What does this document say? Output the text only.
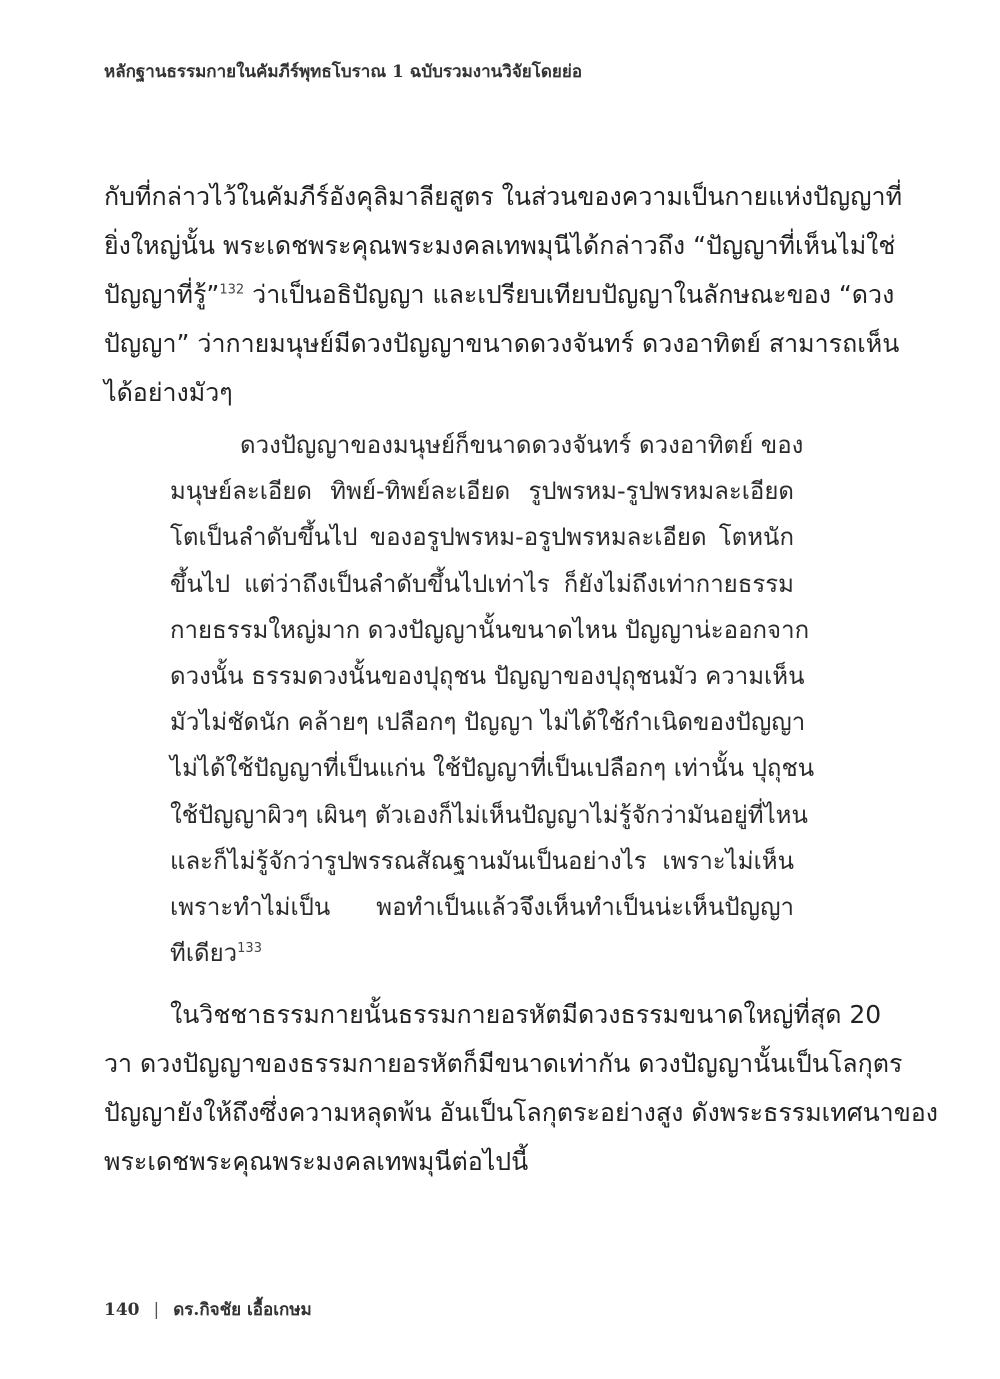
หลักฐานธรรมกายในคัมภีร์พุทธโบราณ 1 ฉบับรวมงานวิจัยโดยย่อ
กับที่กล่าวไว้ในคัมภีร์อังคุลิมาลียสูตร ในส่วนของความเป็นกายแห่งปัญญาที่
ยิ่งใหญ่นั้น พระเดชพระคุณพระมงคลเทพมุนีได้กล่าวถึง “ปัญญาที่เห็นไม่ใช่
ปัญญาที่รู้”$^{132}$ ว่าเป็นอธิปัญญา และเปรียบเทียบปัญญาในลักษณะของ “ดวง
ปัญญา” ว่ากายมนุษย์มีดวงปัญญาขนาดดวงจันทร์ ดวงอาทิตย์ สามารถเห็น
ได้อย่างมัวๆ
ดวงปัญญาของมนุษย์ก็ขนาดดวงจันทร์ ดวงอาทิตย์ ของ
มนุษย์ละเอียด ทิพย์-ทิพย์ละเอียด รูปพรหม-รูปพรหมละเอียด
โตเป็นลำดับขึ้นไป ของอรูปพรหม-อรูปพรหมละเอียด โตหนัก
ขึ้นไป แต่ว่าถึงเป็นลำดับขึ้นไปเท่าไร ก็ยังไม่ถึงเท่ากายธรรม
กายธรรมใหญ่มาก ดวงปัญญานั้นขนาดไหน ปัญญาน่ะออกจาก
ดวงนั้น ธรรมดวงนั้นของปุถุชน ปัญญาของปุถุชนมัว ความเห็น
มัวไม่ชัดนัก คล้ายๆ เปลือกๆ ปัญญา ไม่ได้ใช้กำเนิดของปัญญา
ไม่ได้ใช้ปัญญาที่เป็นแก่น ใช้ปัญญาที่เป็นเปลือกๆ เท่านั้น ปุถุชน
ใช้ปัญญาผิวๆ เผินๆ ตัวเองก็ไม่เห็นปัญญาไม่รู้จักว่ามันอยู่ที่ไหน
และก็ไม่รู้จักว่ารูปพรรณสัณฐานมันเป็นอย่างไร เพราะไม่เห็น
เพราะทำไม่เป็น พอทำเป็นแล้วจึงเห็นทำเป็นน่ะเห็นปัญญา
ทีเดียว$^{133}$
ในวิชชาธรรมกายนั้นธรรมกายอรหัตมีดวงธรรมขนาดใหญ่ที่สุด 20
วา ดวงปัญญาของธรรมกายอรหัตก็มีขนาดเท่ากัน ดวงปัญญานั้นเป็นโลกุตร
ปัญญายังให้ถึงซึ่งความหลุดพ้น อันเป็นโลกุตระอย่างสูง ดังพระธรรมเทศนาของ
พระเดชพระคุณพระมงคลเทพมุนีต่อไปนี้
140 | ดร.กิจชัย เอื้อเกษม
